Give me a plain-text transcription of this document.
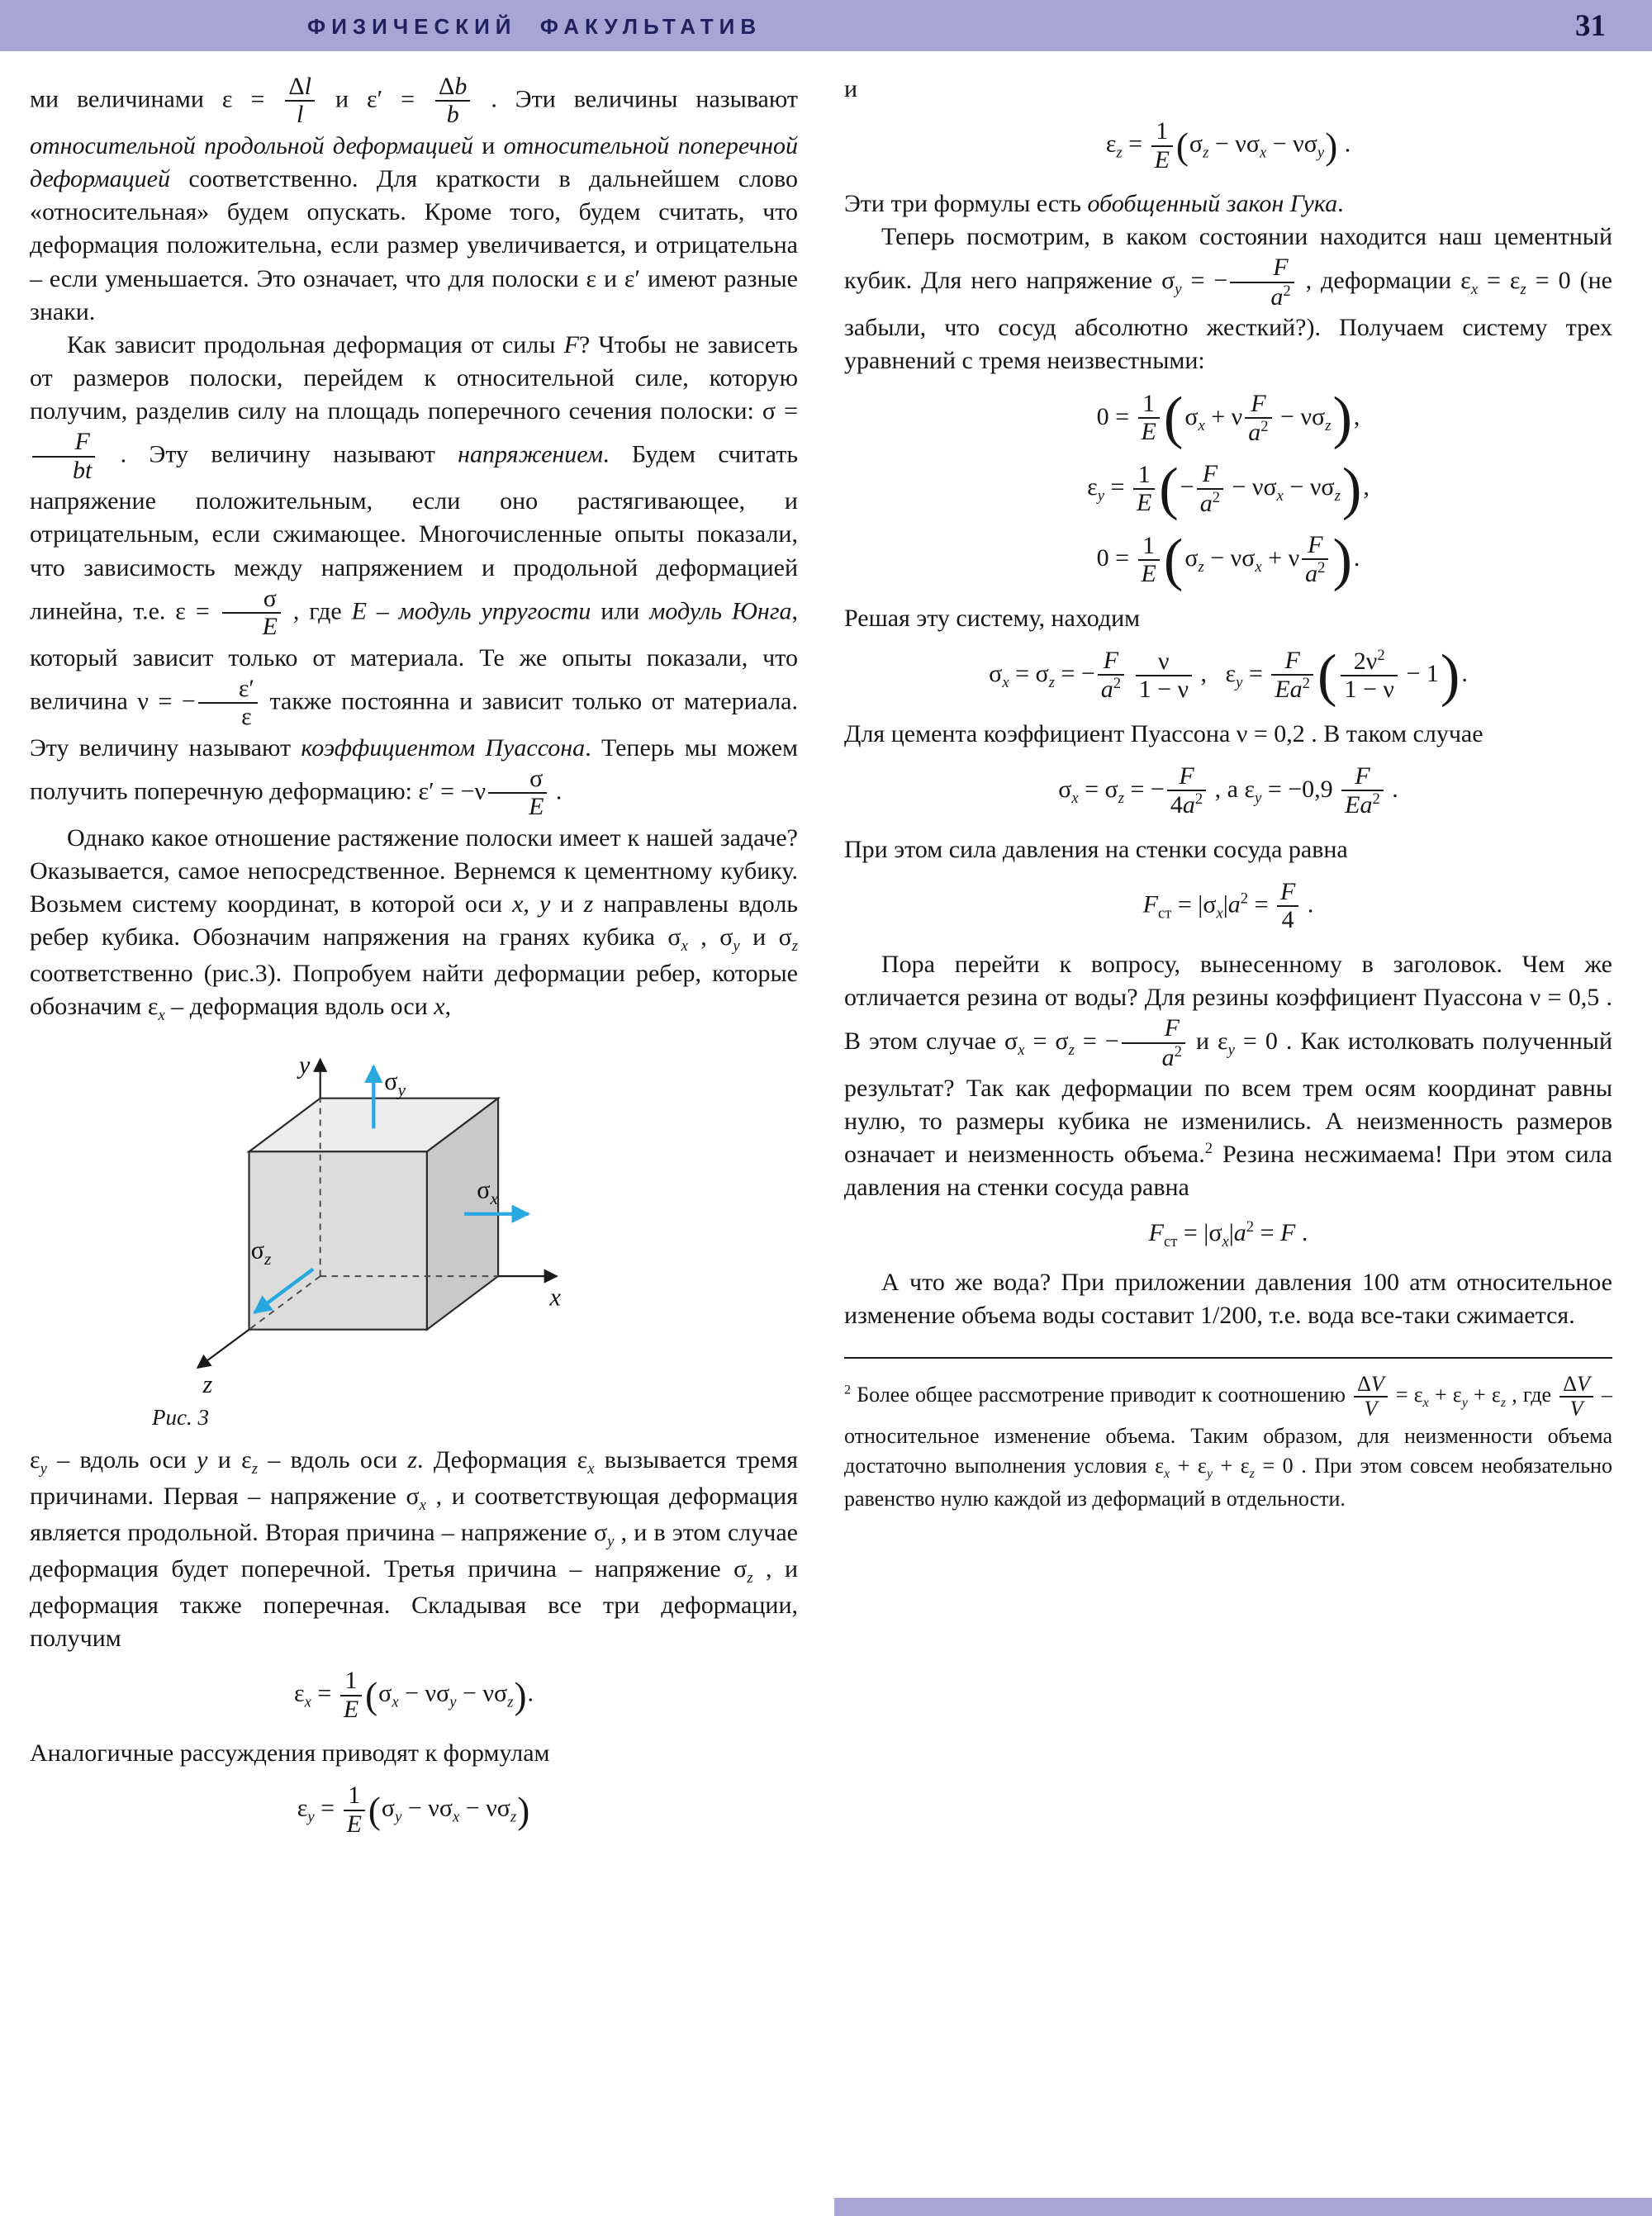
ФИЗИЧЕСКИЙ ФАКУЛЬТАТИВ	31

ми величинами $\varepsilon = \frac{\Delta l}{l}$ и $\varepsilon' = \frac{\Delta b}{b}$ . Эти величины называют относительной продольной деформацией и относительной поперечной деформацией соответственно. Для краткости в дальнейшем слово «относительная» будем опускать. Кроме того, будем считать, что деформация положительна, если размер увеличивается, и отрицательна – если уменьшается. Это означает, что для полоски ε и ε′ имеют разные знаки.

Как зависит продольная деформация от силы F? Чтобы не зависеть от размеров полоски, перейдем к относительной силе, которую получим, разделив силу на площадь поперечного сечения полоски: σ =
$\frac{F}{bt}$ . Эту величину называют напряжением. Будем считать напряжение положительным, если оно растягивающее, и отрицательным, если сжимающее. Многочисленные опыты показали, что зависимость между напряжением и продольной деформацией линейна, т.е. $\varepsilon = \frac{\sigma}{E}$ , где E – модуль упругости или модуль Юнга, который зависит только от материала. Те же опыты показали, что величина ν = − $\frac{\varepsilon'}{\varepsilon}$ также постоянна и зависит только от материала. Эту величину называют коэффициентом Пуассона. Теперь мы можем получить поперечную деформацию: $\varepsilon' = -\nu \frac{\sigma}{E}$ .

Однако какое отношение растяжение полоски имеет к нашей задаче? Оказывается, самое непосредственное. Вернемся к цементному кубику. Возьмем систему координат, в которой оси x, y и z направлены вдоль ребер кубика. Обозначим напряжения на гранях кубика $\sigma_x$ , $\sigma_y$ и $\sigma_z$ соответственно (рис.3). Попробуем найти деформации ребер, которые обозначим $\varepsilon_x$ – деформация вдоль оси x,

y
x
z
$\sigma_y$
$\sigma_x$
$\sigma_z$
Рис. 3

$\varepsilon_y$ – вдоль оси y и $\varepsilon_z$ – вдоль оси z. Деформация $\varepsilon_x$ вызывается тремя причинами. Первая – напряжение $\sigma_x$ , и соответствующая деформация является продольной. Вторая причина – напряжение $\sigma_y$ , и в этом случае деформация будет поперечной. Третья причина – напряжение $\sigma_z$ , и деформация также поперечная. Складывая все три деформации, получим

$\varepsilon_x = \frac{1}{E} (\sigma_x - \nu\sigma_y - \nu\sigma_z)$.

Аналогичные рассуждения приводят к формулам

$\varepsilon_y = \frac{1}{E} (\sigma_y - \nu\sigma_x - \nu\sigma_z)$

и

$\varepsilon_z = \frac{1}{E} (\sigma_z - \nu\sigma_x - \nu\sigma_y)$ .

Эти три формулы есть обобщенный закон Гука.

Теперь посмотрим, в каком состоянии находится наш цементный кубик. Для него напряжение $\sigma_y$ = − $\frac{F}{a^2}$ , деформации $\varepsilon_x = \varepsilon_z = 0$ (не забыли, что сосуд абсолютно жесткий?). Получаем систему трех уравнений с тремя неизвестными:

$0 = \frac{1}{E} (\sigma_x + \nu \frac{F}{a^2} - \nu\sigma_z)$,
$\varepsilon_y = \frac{1}{E}$ (− $\frac{F}{a^2} - \nu\sigma_x - \nu\sigma_z$),
$0 = \frac{1}{E} (\sigma_z - \nu\sigma_x + \nu \frac{F}{a^2}$ ).

Решая эту систему, находим

$\sigma_x = \sigma_z$ = − $\frac{F}{a^2}$
$\frac{\nu}{1 - \nu}$ ,   $\varepsilon_y = \frac{F}{Ea^2}$ ( $\frac{2\nu^2}{1 - \nu} - 1$).

Для цемента коэффициент Пуассона ν = 0,2 . В таком случае

$\sigma_x = \sigma_z$ = − $\frac{F}{4a^2}$ , а $\varepsilon_y = -0,9 \frac{F}{Ea^2}$ .

При этом сила давления на стенки сосуда равна

$F_{ст} = |\sigma_x|a^2 = \frac{F}{4}$ .

Пора перейти к вопросу, вынесенному в заголовок. Чем же отличается резина от воды? Для резины коэффициент Пуассона ν = 0,5 . В этом случае $\sigma_x = \sigma_z$ = − $\frac{F}{a^2}$ и $\varepsilon_y = 0$ . Как истолковать полученный результат? Так как деформации по всем трем осям координат равны нулю, то размеры кубика не изменились. А неизменность размеров означает и неизменность объема.$^2$ Резина несжимаема! При этом сила давления на стенки сосуда равна

$F_{ст} = |\sigma_x|a^2 = F$ .

А что же вода? При приложении давления 100 атм относительное изменение объема воды составит 1/200, т.е. вода все-таки сжимается.

$^2$ Более общее рассмотрение приводит к соотношению $\frac{\Delta V}{V} = \varepsilon_x + \varepsilon_y + \varepsilon_z$ , где $\frac{\Delta V}{V}$ – относительное изменение объема. Таким образом, для неизменности объема достаточно выполнения условия $\varepsilon_x + \varepsilon_y + \varepsilon_z = 0$ . При этом совсем необязательно равенство нулю каждой из деформаций в отдельности.
